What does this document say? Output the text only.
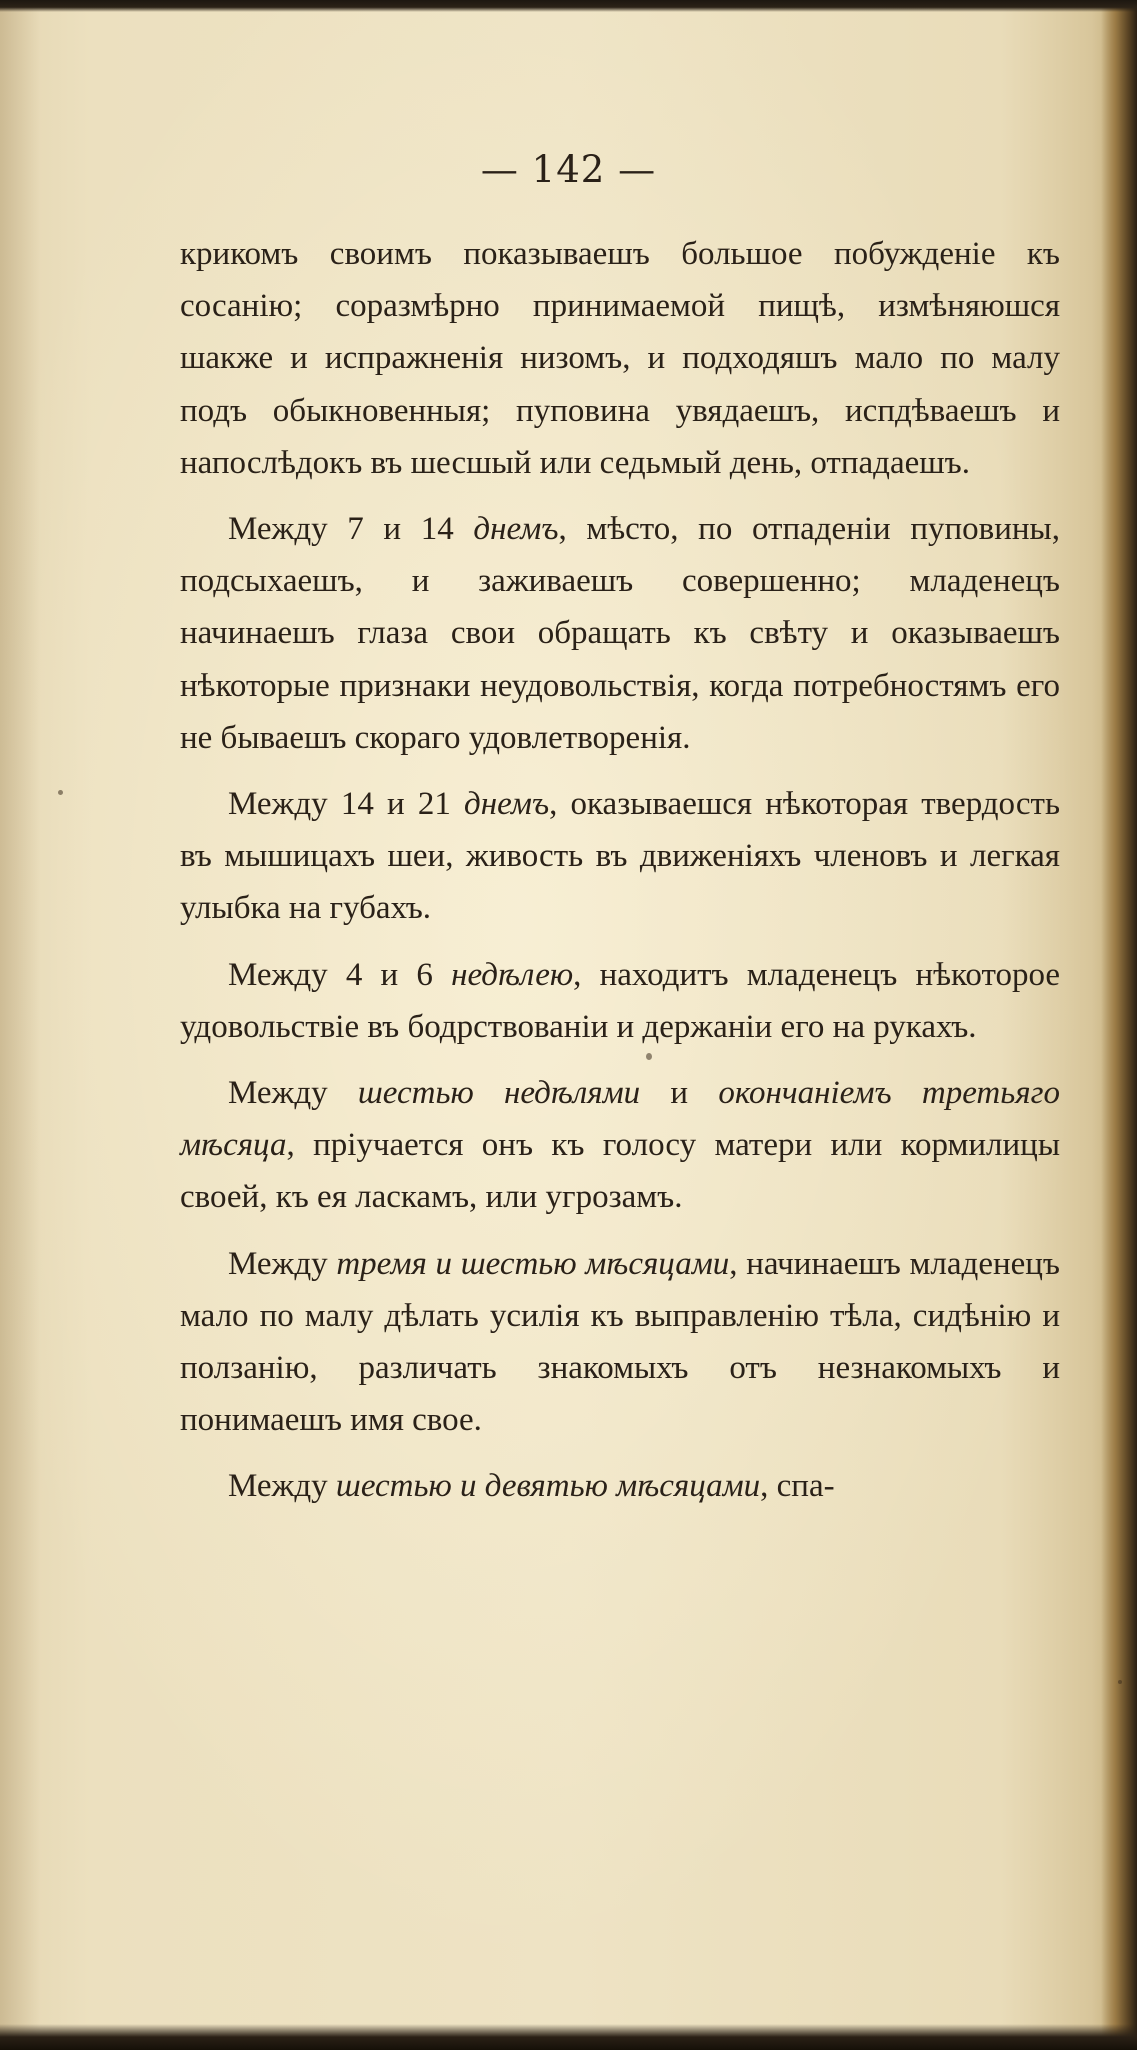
— 142 —

крикомъ своимъ показываешъ большое побужденіе къ сосанію; соразмѣрно принимаемой пищѣ, измѣняюшся шакже и испражненія низомъ, и подходяшъ мало по малу подъ обыкновенныя; пуповина увядаешъ, испдѣваешъ и напослѣдокъ въ шесшый или седьмый день, отпадаешъ.

Между 7 и 14 днемъ, мѣсто, по отпаденіи пуповины, подсыхаешъ, и заживаешъ совершенно; младенецъ начинаешъ глаза свои обращать къ свѣту и оказываешъ нѣкоторые признаки неудовольствія, когда потребностямъ его не бываешъ скораго удовлетворенія.

Между 14 и 21 днемъ, оказываешся нѣкоторая твердость въ мышицахъ шеи, живость въ движеніяхъ членовъ и легкая улыбка на губахъ.

Между 4 и 6 недѣлею, находитъ младенецъ нѣкоторое удовольствіе въ бодрствованіи и держаніи его на рукахъ.

Между шестью недѣлями и окончаніемъ третьяго мѣсяца, пріучается онъ къ голосу матери или кормилицы своей, къ ея ласкамъ, или угрозамъ.

Между тремя и шестью мѣсяцами, начинаешъ младенецъ мало по малу дѣлать усилія къ выправленію тѣла, сидѣнію и ползанію, различать знакомыхъ отъ незнакомыхъ и понимаешъ имя свое.

Между шестью и девятью мѣсяцами, спа-
